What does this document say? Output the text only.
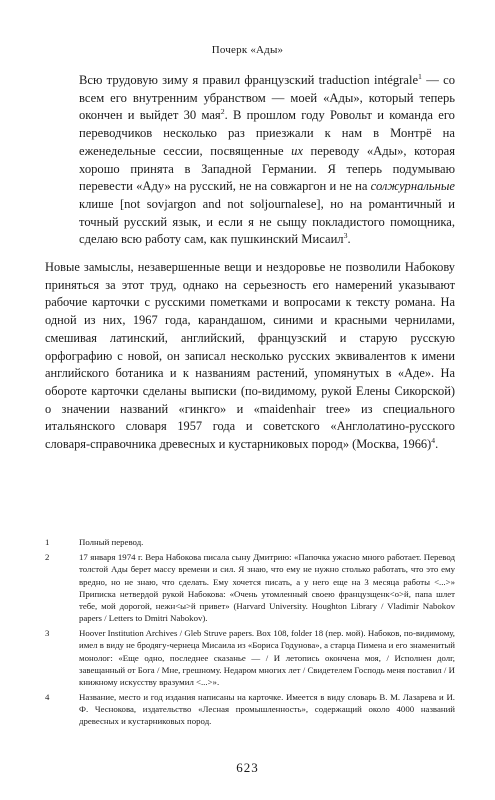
Почерк «Ады»

Всю трудовую зиму я правил французский traduction intégrale$^1$ — со всем его внутренним убранством — моей «Ады», который теперь окончен и выйдет 30 мая$^2$. В прошлом году Ровольт и команда его переводчиков несколько раз приезжали к нам в Монтрё на еженедельные сессии, посвященные их переводу «Ады», которая хорошо принята в Западной Германии. Я теперь подумываю перевести «Аду» на русский, не на совжаргон и не на солжурнальные клише [not sovjargon and not soljournalese], но на романтичный и точный русский язык, и если я не сыщу покладистого помощника, сделаю всю работу сам, как пушкинский Мисаил$^3$.

Новые замыслы, незавершенные вещи и нездоровье не позволили Набокову приняться за этот труд, однако на серьезность его намерений указывают рабочие карточки с русскими пометками и вопросами к тексту романа. На одной из них, 1967 года, карандашом, синими и красными чернилами, смешивая латинский, английский, французский и старую русскую орфографию с новой, он записал несколько русских эквивалентов к имени английского ботаника и к названиям растений, упомянутых в «Аде». На обороте карточки сделаны выписки (по-видимому, рукой Елены Сикорской) о значении названий «гинкго» и «maidenhair tree» из специального итальянского словаря 1957 года и советского «Англолатино-русского словаря-справочника древесных и кустарниковых пород» (Москва, 1966)$^4$.

1	Полный перевод.
2	17 января 1974 г. Вера Набокова писала сыну Дмитрию: «Папочка ужасно много работает. Перевод толстой Ады берет массу времени и сил. Я знаю, что ему не нужно столько работать, что это ему вредно, но не знаю, что сделать. Ему хочется писать, а у него еще на 3 месяца работы <...>» Приписка нетвердой рукой Набокова: «Очень утомленный своею французщенк<о>й, папа шлет тебе, мой дорогой, нежн<ы>й привет» (Harvard University. Houghton Library / Vladimir Nabokov papers / Letters to Dmitri Nabokov).
3	Hoover Institution Archives / Gleb Struve papers. Box 108, folder 18 (пер. мой). Набоков, по-видимому, имел в виду не бродягу-чернеца Мисаила из «Бориса Годунова», а старца Пимена и его знаменитый монолог: «Еще одно, последнее сказанье — / И летопись окончена моя, / Исполнен долг, завещанный от Бога / Мне, грешному. Недаром многих лет / Свидетелем Господь меня поставил / И книжному искусству вразумил <...>».
4	Название, место и год издания написаны на карточке. Имеется в виду словарь В. М. Лазарева и И. Ф. Чеснокова, издательство «Лесная промышленность», содержащий около 4000 названий древесных и кустарниковых пород.
623
